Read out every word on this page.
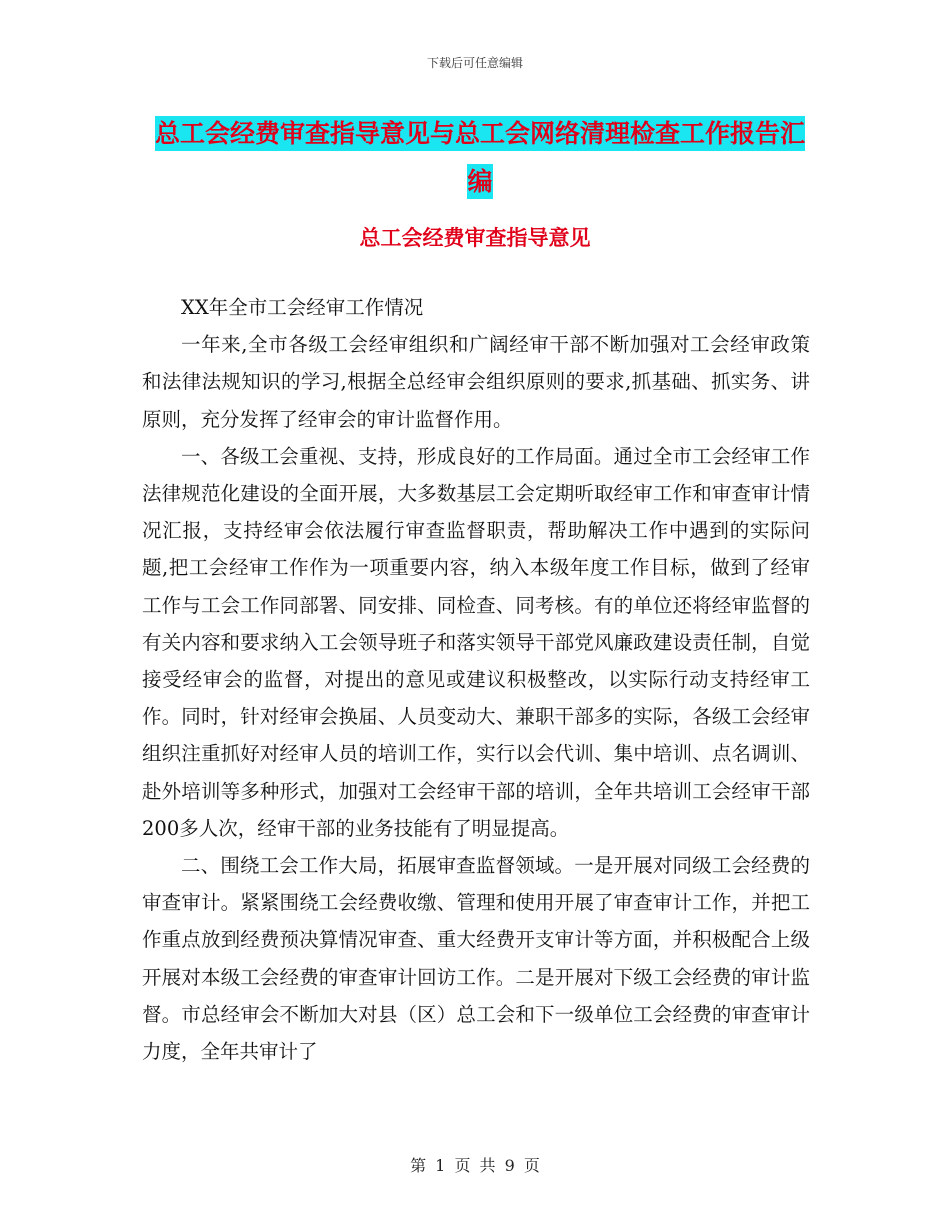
下载后可任意编辑
总工会经费审查指导意见与总工会网络清理检查工作报告汇编
总工会经费审查指导意见

XX年全市工会经审工作情况

一年来,全市各级工会经审组织和广阔经审干部不断加强对工会经审政策和法律法规知识的学习,根据全总经审会组织原则的要求,抓基础、抓实务、讲原则，充分发挥了经审会的审计监督作用。

一、各级工会重视、支持，形成良好的工作局面。通过全市工会经审工作法律规范化建设的全面开展，大多数基层工会定期听取经审工作和审查审计情况汇报，支持经审会依法履行审查监督职责，帮助解决工作中遇到的实际问题,把工会经审工作作为一项重要内容，纳入本级年度工作目标，做到了经审工作与工会工作同部署、同安排、同检查、同考核。有的单位还将经审监督的有关内容和要求纳入工会领导班子和落实领导干部党风廉政建设责任制，自觉接受经审会的监督，对提出的意见或建议积极整改，以实际行动支持经审工作。同时，针对经审会换届、人员变动大、兼职干部多的实际，各级工会经审组织注重抓好对经审人员的培训工作，实行以会代训、集中培训、点名调训、赴外培训等多种形式，加强对工会经审干部的培训，全年共培训工会经审干部200多人次，经审干部的业务技能有了明显提高。

二、围绕工会工作大局，拓展审查监督领域。一是开展对同级工会经费的审查审计。紧紧围绕工会经费收缴、管理和使用开展了审查审计工作，并把工作重点放到经费预决算情况审查、重大经费开支审计等方面，并积极配合上级开展对本级工会经费的审查审计回访工作。二是开展对下级工会经费的审计监督。市总经审会不断加大对县（区）总工会和下一级单位工会经费的审查审计力度，全年共审计了

第 1 页 共 9 页
